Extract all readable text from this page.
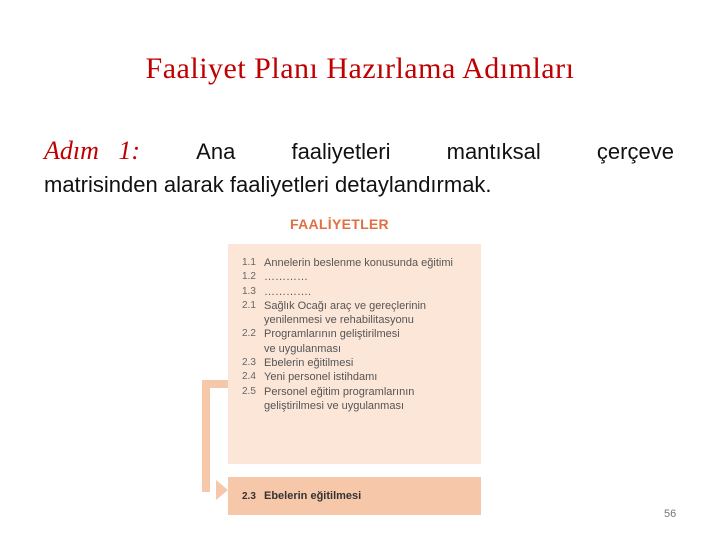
Faaliyet Planı Hazırlama Adımları
Adım   1:	Ana	faaliyetleri	mantıksal	çerçeve
matrisinden alarak faaliyetleri detaylandırmak.
FAALİYETLER
1.1 Annelerin beslenme konusunda eğitimi
1.2 …………
1.3 ………….
2.1 Sağlık Ocağı araç ve gereçlerinin
yenilenmesi ve rehabilitasyonu
2.2 Programlarının geliştirilmesi
ve uygulanması
2.3 Ebelerin eğitilmesi
2.4 Yeni personel istihdamı
2.5 Personel eğitim programlarının
geliştirilmesi ve uygulanması
2.3 Ebelerin eğitilmesi
56
